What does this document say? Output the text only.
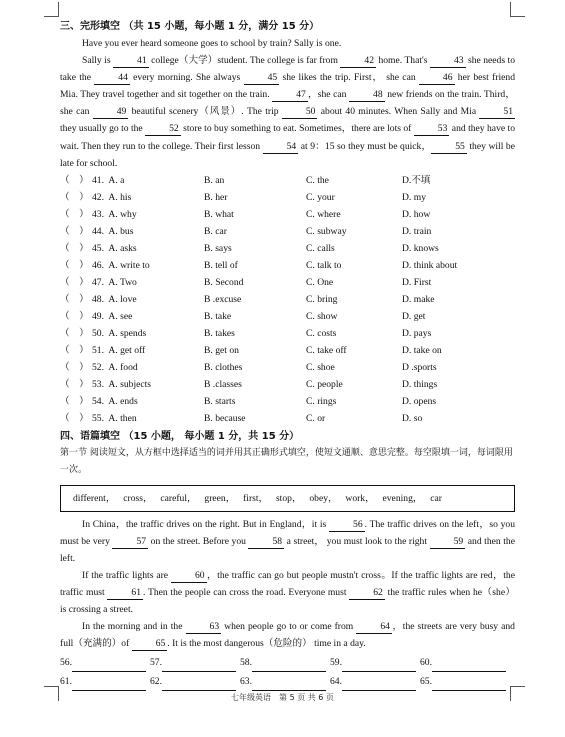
三、完形填空 （共 15 小题，每小题 1 分，满分 15 分）

Have you ever heard someone goes to school by train? Sally is one.

Sally is	41 college（大学）student. The college is far from	42 home. That's	43 she needs to take the	44 every morning. She always	45 she likes the trip. First， she can	46 her best friend Mia. They travel together and sit together on the train.	47 ，she can	48 new friends on the train. Third，she can	49 beautiful scenery（风景）. The trip	50 about 40 minutes. When Sally and Mia	51 they usually go to the	52 store to buy something to eat. Sometimes，there are lots of	53 and they have to wait. Then they run to the college. Their first lesson	54 at 9：15 so they must be quick，	55 they will be late for school.

（    ）
41. A. a	B. an	C. the	D.不填
（    ）
42. A. his	B. her	C. your	D. my
（    ）
43. A. why	B. what	C. where	D. how
（    ）
44. A. bus	B. car	C. subway	D. train
（    ）
45. A. asks	B. says	C. calls	D. knows
（    ）
46. A. write to	B. tell of	C. talk to	D. think about
（    ）
47. A. Two	B. Second	C. One	D. First
（    ）
48. A. love	B .excuse	C. bring	D. make
（    ）
49. A. see	B. take	C. show	D. get
（    ）
50. A. spends	B. takes	C. costs	D. pays
（    ）
51. A. get off	B. get on	C. take off	D. take on
（    ）
52. A. food	B. clothes	C. shoe	D .sports
（    ）
53. A. subjects	B .classes	C. people	D. things
（    ）
54. A. ends	B. starts	C. rings	D. opens
（    ）
55. A. then	B. because	C. or	D. so
四、语篇填空 （15 小题， 每小题 1 分，共 15 分）

第一节 阅读短文，从方框中选择适当的词并用其正确形式填空，使短文通顺、意思完整。每空限填一词，每词限用一次。

different， cross， careful， green， first， stop， obey， work， evening， car

In China，the traffic drives on the right. But in England，it is	56 . The traffic drives on the left，so you must be very	57 on the street. Before you	58 a street， you must look to the right	59 and then the left.

If the traffic lights are	60 ，the traffic can go but people mustn't cross。If the traffic lights are red，the traffic must	61 . Then the people can cross the road. Everyone must	62 the traffic rules when he（she） is crossing a street.

In the morning and in the	63 when people go to or come from	64 ，the streets are very busy and full（充满的）of	65 . It is the most dangerous（危险的） time in a day.

56.	57.	58.	59.	60.
61.	62.	63.	64.	65.
七年级英语　第 5 页 共 6 页
